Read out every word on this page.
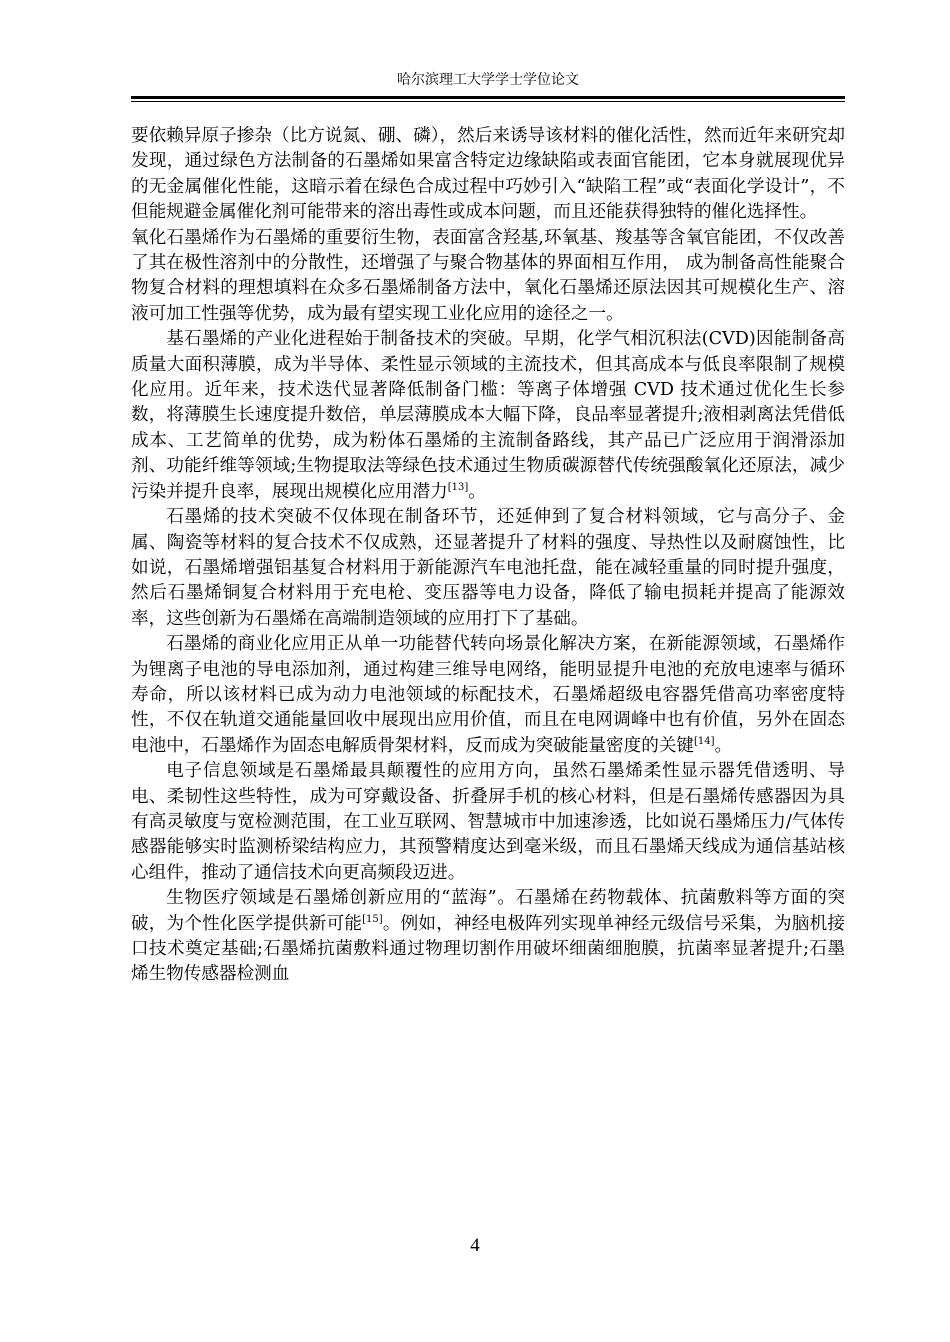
哈尔滨理工大学学士学位论文

要依赖异原子掺杂（比方说氮、硼、磷），然后来诱导该材料的催化活性，然而近年来研究却发现，通过绿色方法制备的石墨烯如果富含特定边缘缺陷或表面官能团，它本身就展现优异的无金属催化性能，这暗示着在绿色合成过程中巧妙引入“缺陷工程”或“表面化学设计”，不但能规避金属催化剂可能带来的溶出毒性或成本问题，而且还能获得独特的催化选择性。

氧化石墨烯作为石墨烯的重要衍生物，表面富含羟基,环氧基、羧基等含氧官能团，不仅改善了其在极性溶剂中的分散性，还增强了与聚合物基体的界面相互作用， 成为制备高性能聚合物复合材料的理想填料在众多石墨烯制备方法中，氧化石墨烯还原法因其可规模化生产、溶液可加工性强等优势，成为最有望实现工业化应用的途径之一。

基石墨烯的产业化进程始于制备技术的突破。早期，化学气相沉积法(CVD)因能制备高质量大面积薄膜，成为半导体、柔性显示领域的主流技术，但其高成本与低良率限制了规模化应用。近年来，技术迭代显著降低制备门槛：等离子体增强 CVD 技术通过优化生长参数，将薄膜生长速度提升数倍，单层薄膜成本大幅下降，良品率显著提升;液相剥离法凭借低成本、工艺简单的优势，成为粉体石墨烯的主流制备路线，其产品已广泛应用于润滑添加剂、功能纤维等领域;生物提取法等绿色技术通过生物质碳源替代传统强酸氧化还原法，减少污染并提升良率，展现出规模化应用潜力[13]。

石墨烯的技术突破不仅体现在制备环节，还延伸到了复合材料领域，它与高分子、金属、陶瓷等材料的复合技术不仅成熟，还显著提升了材料的强度、导热性以及耐腐蚀性，比如说，石墨烯增强铝基复合材料用于新能源汽车电池托盘，能在减轻重量的同时提升强度，然后石墨烯铜复合材料用于充电枪、变压器等电力设备，降低了输电损耗并提高了能源效率，这些创新为石墨烯在高端制造领域的应用打下了基础。

石墨烯的商业化应用正从单一功能替代转向场景化解决方案，在新能源领域，石墨烯作为锂离子电池的导电添加剂，通过构建三维导电网络，能明显提升电池的充放电速率与循环寿命，所以该材料已成为动力电池领域的标配技术，石墨烯超级电容器凭借高功率密度特性，不仅在轨道交通能量回收中展现出应用价值，而且在电网调峰中也有价值，另外在固态电池中，石墨烯作为固态电解质骨架材料，反而成为突破能量密度的关键[14]。

电子信息领域是石墨烯最具颠覆性的应用方向，虽然石墨烯柔性显示器凭借透明、导电、柔韧性这些特性，成为可穿戴设备、折叠屏手机的核心材料，但是石墨烯传感器因为具有高灵敏度与宽检测范围，在工业互联网、智慧城市中加速渗透，比如说石墨烯压力/气体传感器能够实时监测桥梁结构应力，其预警精度达到毫米级，而且石墨烯天线成为通信基站核心组件，推动了通信技术向更高频段迈进。

生物医疗领域是石墨烯创新应用的“蓝海”。石墨烯在药物载体、抗菌敷料等方面的突破，为个性化医学提供新可能[15]。例如，神经电极阵列实现单神经元级信号采集，为脑机接口技术奠定基础;石墨烯抗菌敷料通过物理切割作用破坏细菌细胞膜，抗菌率显著提升;石墨烯生物传感器检测血

4
